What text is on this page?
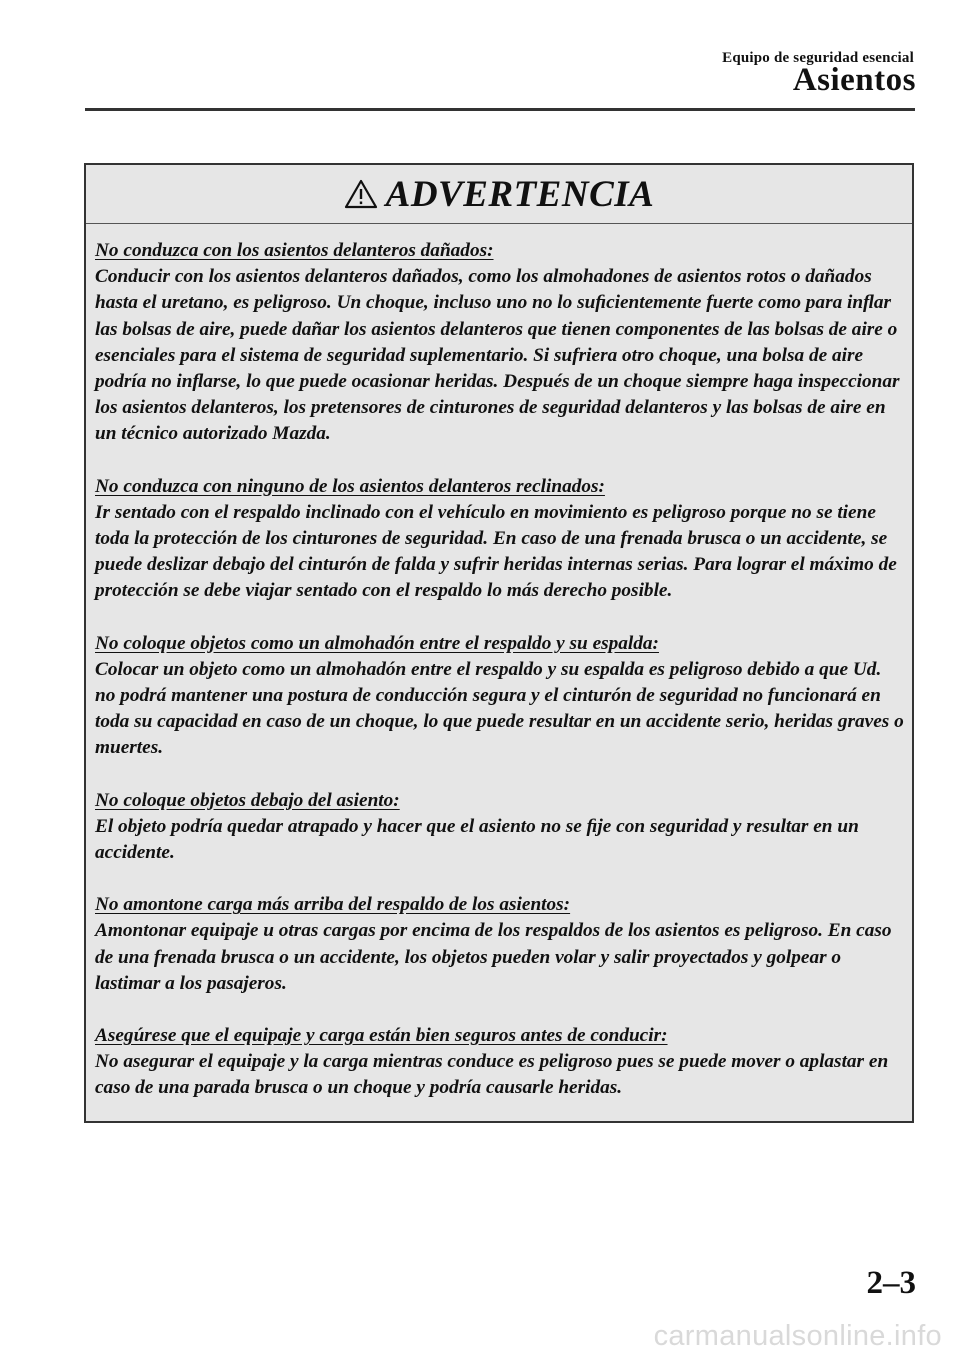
Equipo de seguridad esencial
Asientos
ADVERTENCIA
No conduzca con los asientos delanteros dañados:
Conducir con los asientos delanteros dañados, como los almohadones de asientos rotos o dañados hasta el uretano, es peligroso. Un choque, incluso uno no lo suﬁcientemente fuerte como para inﬂar las bolsas de aire, puede dañar los asientos delanteros que tienen componentes de las bolsas de aire o esenciales para el sistema de seguridad suplementario. Si sufriera otro choque, una bolsa de aire podría no inﬂarse, lo que puede ocasionar heridas. Después de un choque siempre haga inspeccionar los asientos delanteros, los pretensores de cinturones de seguridad delanteros y las bolsas de aire en un técnico autorizado Mazda.
No conduzca con ninguno de los asientos delanteros reclinados:
Ir sentado con el respaldo inclinado con el vehículo en movimiento es peligroso porque no se tiene toda la protección de los cinturones de seguridad. En caso de una frenada brusca o un accidente, se puede deslizar debajo del cinturón de falda y sufrir heridas internas serias. Para lograr el máximo de protección se debe viajar sentado con el respaldo lo más derecho posible.
No coloque objetos como un almohadón entre el respaldo y su espalda:
Colocar un objeto como un almohadón entre el respaldo y su espalda es peligroso debido a que Ud. no podrá mantener una postura de conducción segura y el cinturón de seguridad no funcionará en toda su capacidad en caso de un choque, lo que puede resultar en un accidente serio, heridas graves o muertes.
No coloque objetos debajo del asiento:
El objeto podría quedar atrapado y hacer que el asiento no se ﬁje con seguridad y resultar en un accidente.
No amontone carga más arriba del respaldo de los asientos:
Amontonar equipaje u otras cargas por encima de los respaldos de los asientos es peligroso. En caso de una frenada brusca o un accidente, los objetos pueden volar y salir proyectados y golpear o lastimar a los pasajeros.
Asegúrese que el equipaje y carga están bien seguros antes de conducir:
No asegurar el equipaje y la carga mientras conduce es peligroso pues se puede mover o aplastar en caso de una parada brusca o un choque y podría causarle heridas.
2–3
carmanualsonline.info
